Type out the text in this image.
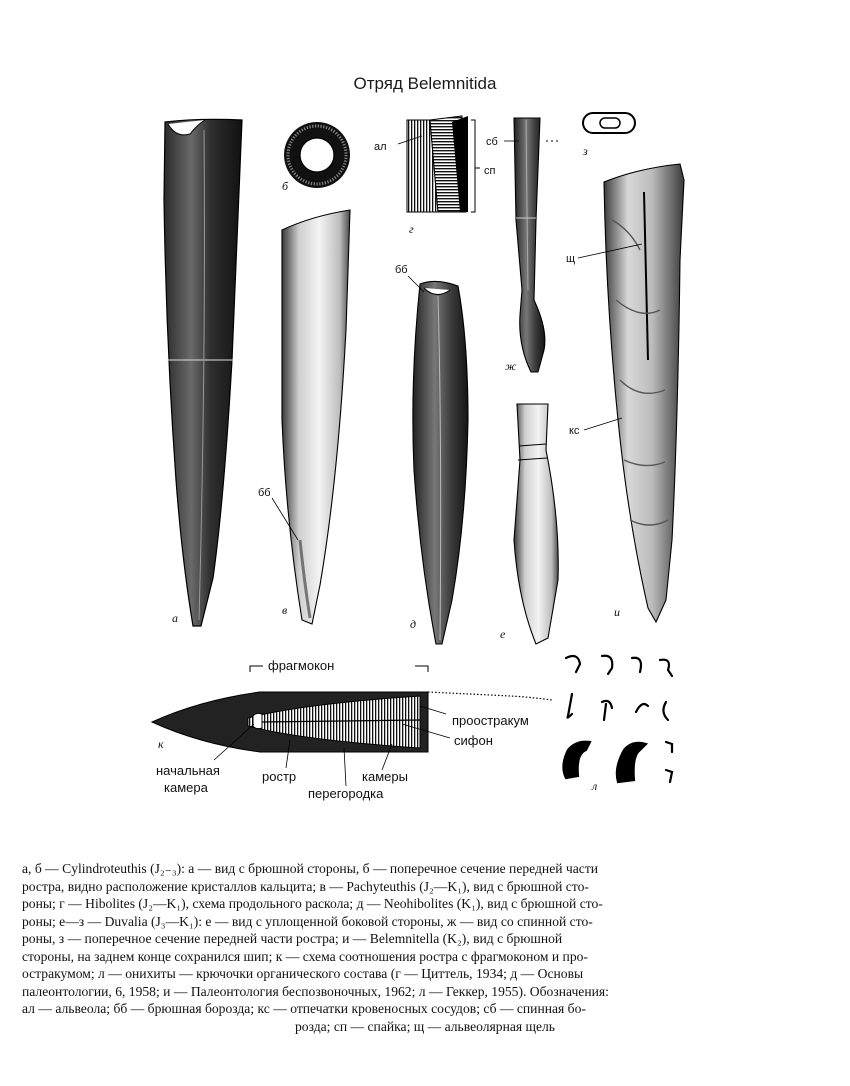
Отряд Belemnitida
а
б
в
г
д
е
ж
з
и
к
л
ал	сб
сп
бб
бб
щ
кс
фрагмокон
проостракум
сифон
начальная
камера
ростр	камеры
перегородка
а, б — Cylindroteuthis (J₂₋₃): а — вид с брюшной стороны, б — поперечное сечение передней части
ростра, видно расположение кристаллов кальцита; в — Pachyteuthis (J₂—K₁), вид с брюшной сто-
роны; г — Hibolites (J₂—K₁), схема продольного раскола; д — Neohibolites (K₁), вид с брюшной сто-
роны; е—з — Duvalia (J₃—K₁): е — вид с уплощенной боковой стороны, ж — вид со спинной сто-
роны, з — поперечное сечение передней части ростра; и — Belemnitella (K₂), вид с брюшной
стороны, на заднем конце сохранился шип; к — схема соотношения ростра с фрагмоконом и про-
остракумом; л — онихиты — крючочки органического состава (г — Циттель, 1934; д — Основы
палеонтологии, 6, 1958; и — Палеонтология беспозвоночных, 1962; л — Геккер, 1955). Обозначения:
ал — альвеола; бб — брюшная борозда; кс — отпечатки кровеносных сосудов; сб — спинная бо-
розда; сп — спайка; щ — альвеолярная щель
